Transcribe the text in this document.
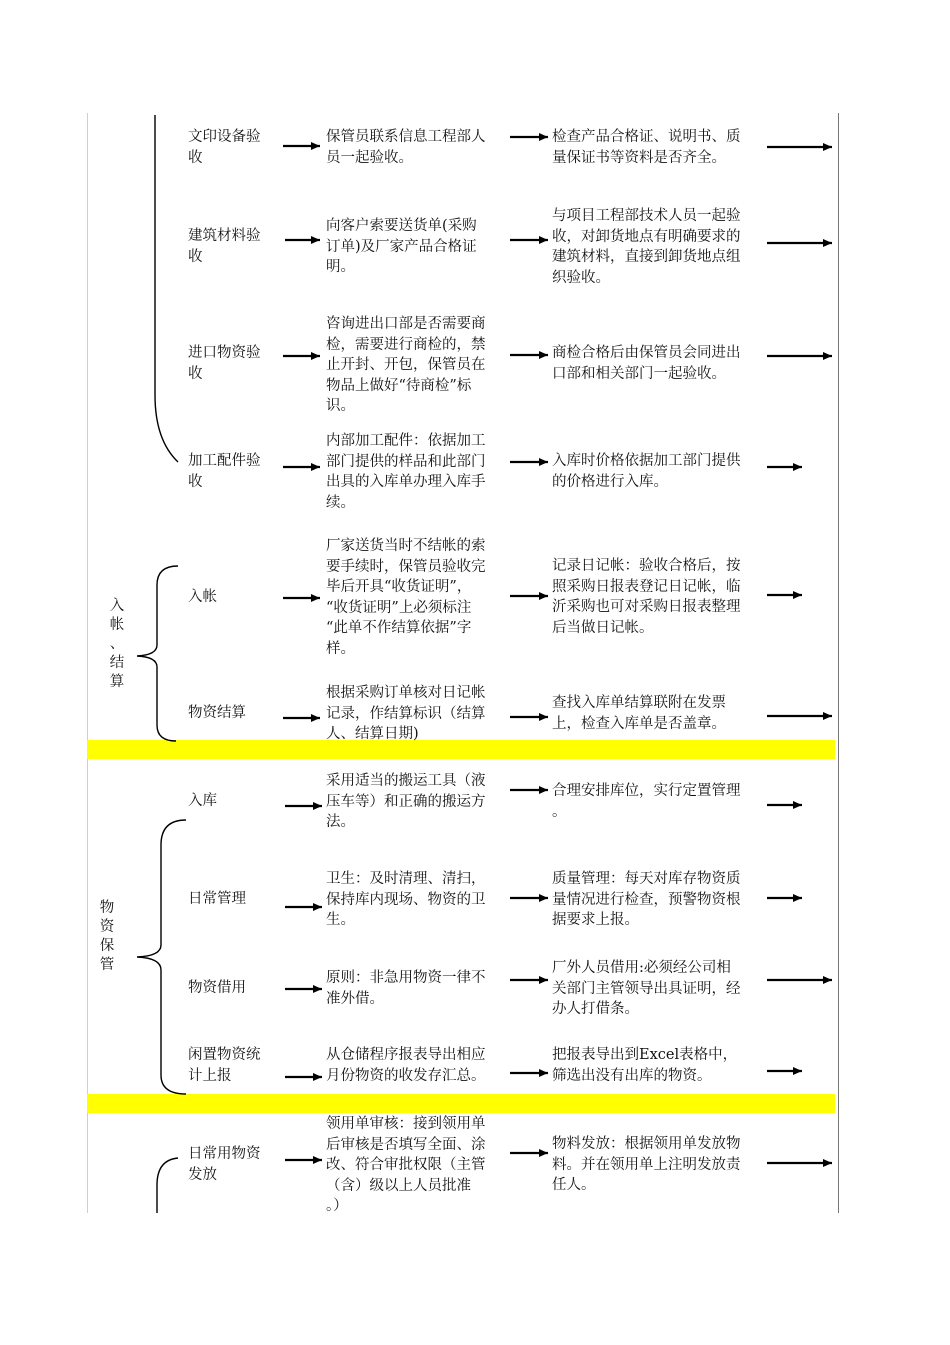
入
帐
、
结
算
物
资
保
管
文印设备验
收
保管员联系信息工程部人
员一起验收。
检查产品合格证、说明书、质
量保证书等资料是否齐全。
建筑材料验
收
向客户索要送货单(采购
订单)及厂家产品合格证
明。
与项目工程部技术人员一起验
收，对卸货地点有明确要求的
建筑材料，直接到卸货地点组
织验收。
进口物资验
收
咨询进出口部是否需要商
检，需要进行商检的，禁
止开封、开包，保管员在
物品上做好“待商检”标
识。
商检合格后由保管员会同进出
口部和相关部门一起验收。
加工配件验
收
内部加工配件：依据加工
部门提供的样品和此部门
出具的入库单办理入库手
续。
入库时价格依据加工部门提供
的价格进行入库。
入帐
厂家送货当时不结帐的索
要手续时，保管员验收完
毕后开具“收货证明”，
“收货证明”上必须标注
“此单不作结算依据”字
样。
记录日记帐：验收合格后，按
照采购日报表登记日记帐，临
沂采购也可对采购日报表整理
后当做日记帐。
物资结算
根据采购订单核对日记帐
记录，作结算标识（结算
人、结算日期)
查找入库单结算联附在发票
上，检查入库单是否盖章。
入库
采用适当的搬运工具（液
压车等）和正确的搬运方
法。
合理安排库位，实行定置管理
。
日常管理
卫生：及时清理、清扫，
保持库内现场、物资的卫
生。
质量管理：每天对库存物资质
量情况进行检查，预警物资根
据要求上报。
物资借用
原则：非急用物资一律不
准外借。
厂外人员借用:必须经公司相
关部门主管领导出具证明，经
办人打借条。
闲置物资统
计上报
从仓储程序报表导出相应
月份物资的收发存汇总。
把报表导出到Excel表格中，
筛选出没有出库的物资。
日常用物资
发放
领用单审核：接到领用单
后审核是否填写全面、涂
改、符合审批权限（主管
（含）级以上人员批准
。）
物料发放：根据领用单发放物
料。并在领用单上注明发放责
任人。
